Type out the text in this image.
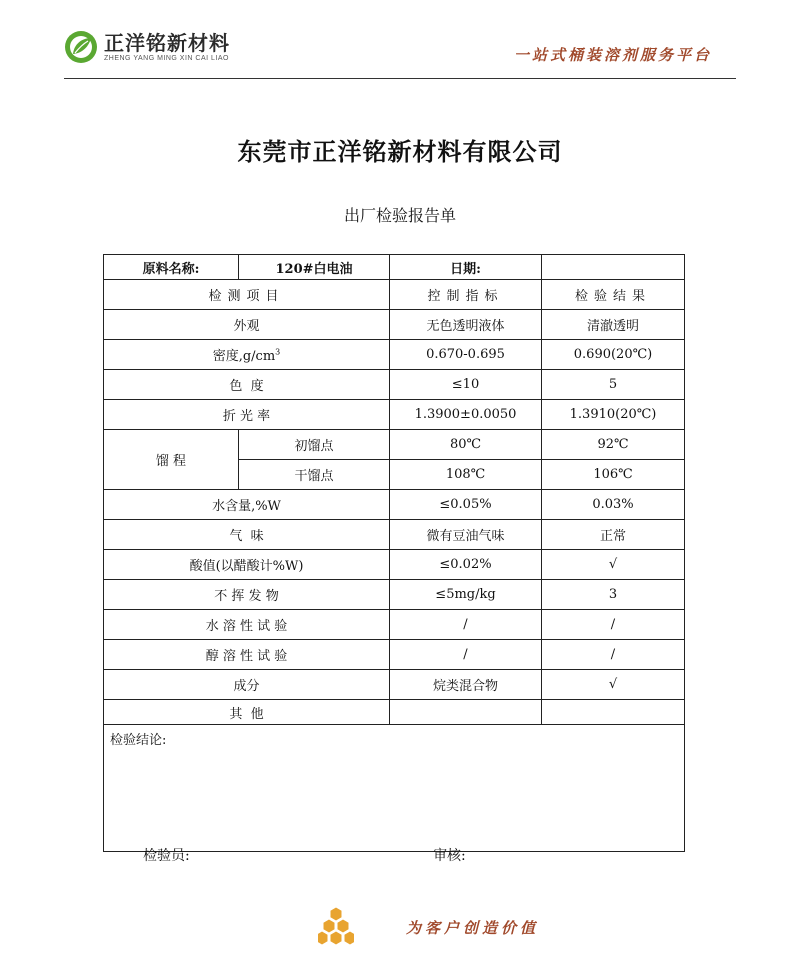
正洋铭新材料
ZHENG YANG MING XIN CAI LIAO	一站式桶装溶剂服务平台
东莞市正洋铭新材料有限公司
出厂检验报告单
原料名称:	120#白电油	日期:	
检测项目		控制指标	检验结果
外观		无色透明液体	清澈透明
密度$,g/cm^3$		0.670-0.695	0.690(20℃)
色  度		≤10	5
折 光 率		1.3900±0.0050	1.3910(20℃)
馏 程	初馏点	80℃	92℃
	干馏点	108℃	106℃
水含量,%W		≤0.05%	0.03%
气  味		微有豆油气味	正常
酸值(以醋酸计%W)		≤0.02%	√
不 挥 发 物		≤5mg/kg	3
水 溶 性 试 验		/	/
醇 溶 性 试 验		/	/
成分		烷类混合物	√
其  他			
检验结论:			
检验员:	审核:
为客户创造价值
